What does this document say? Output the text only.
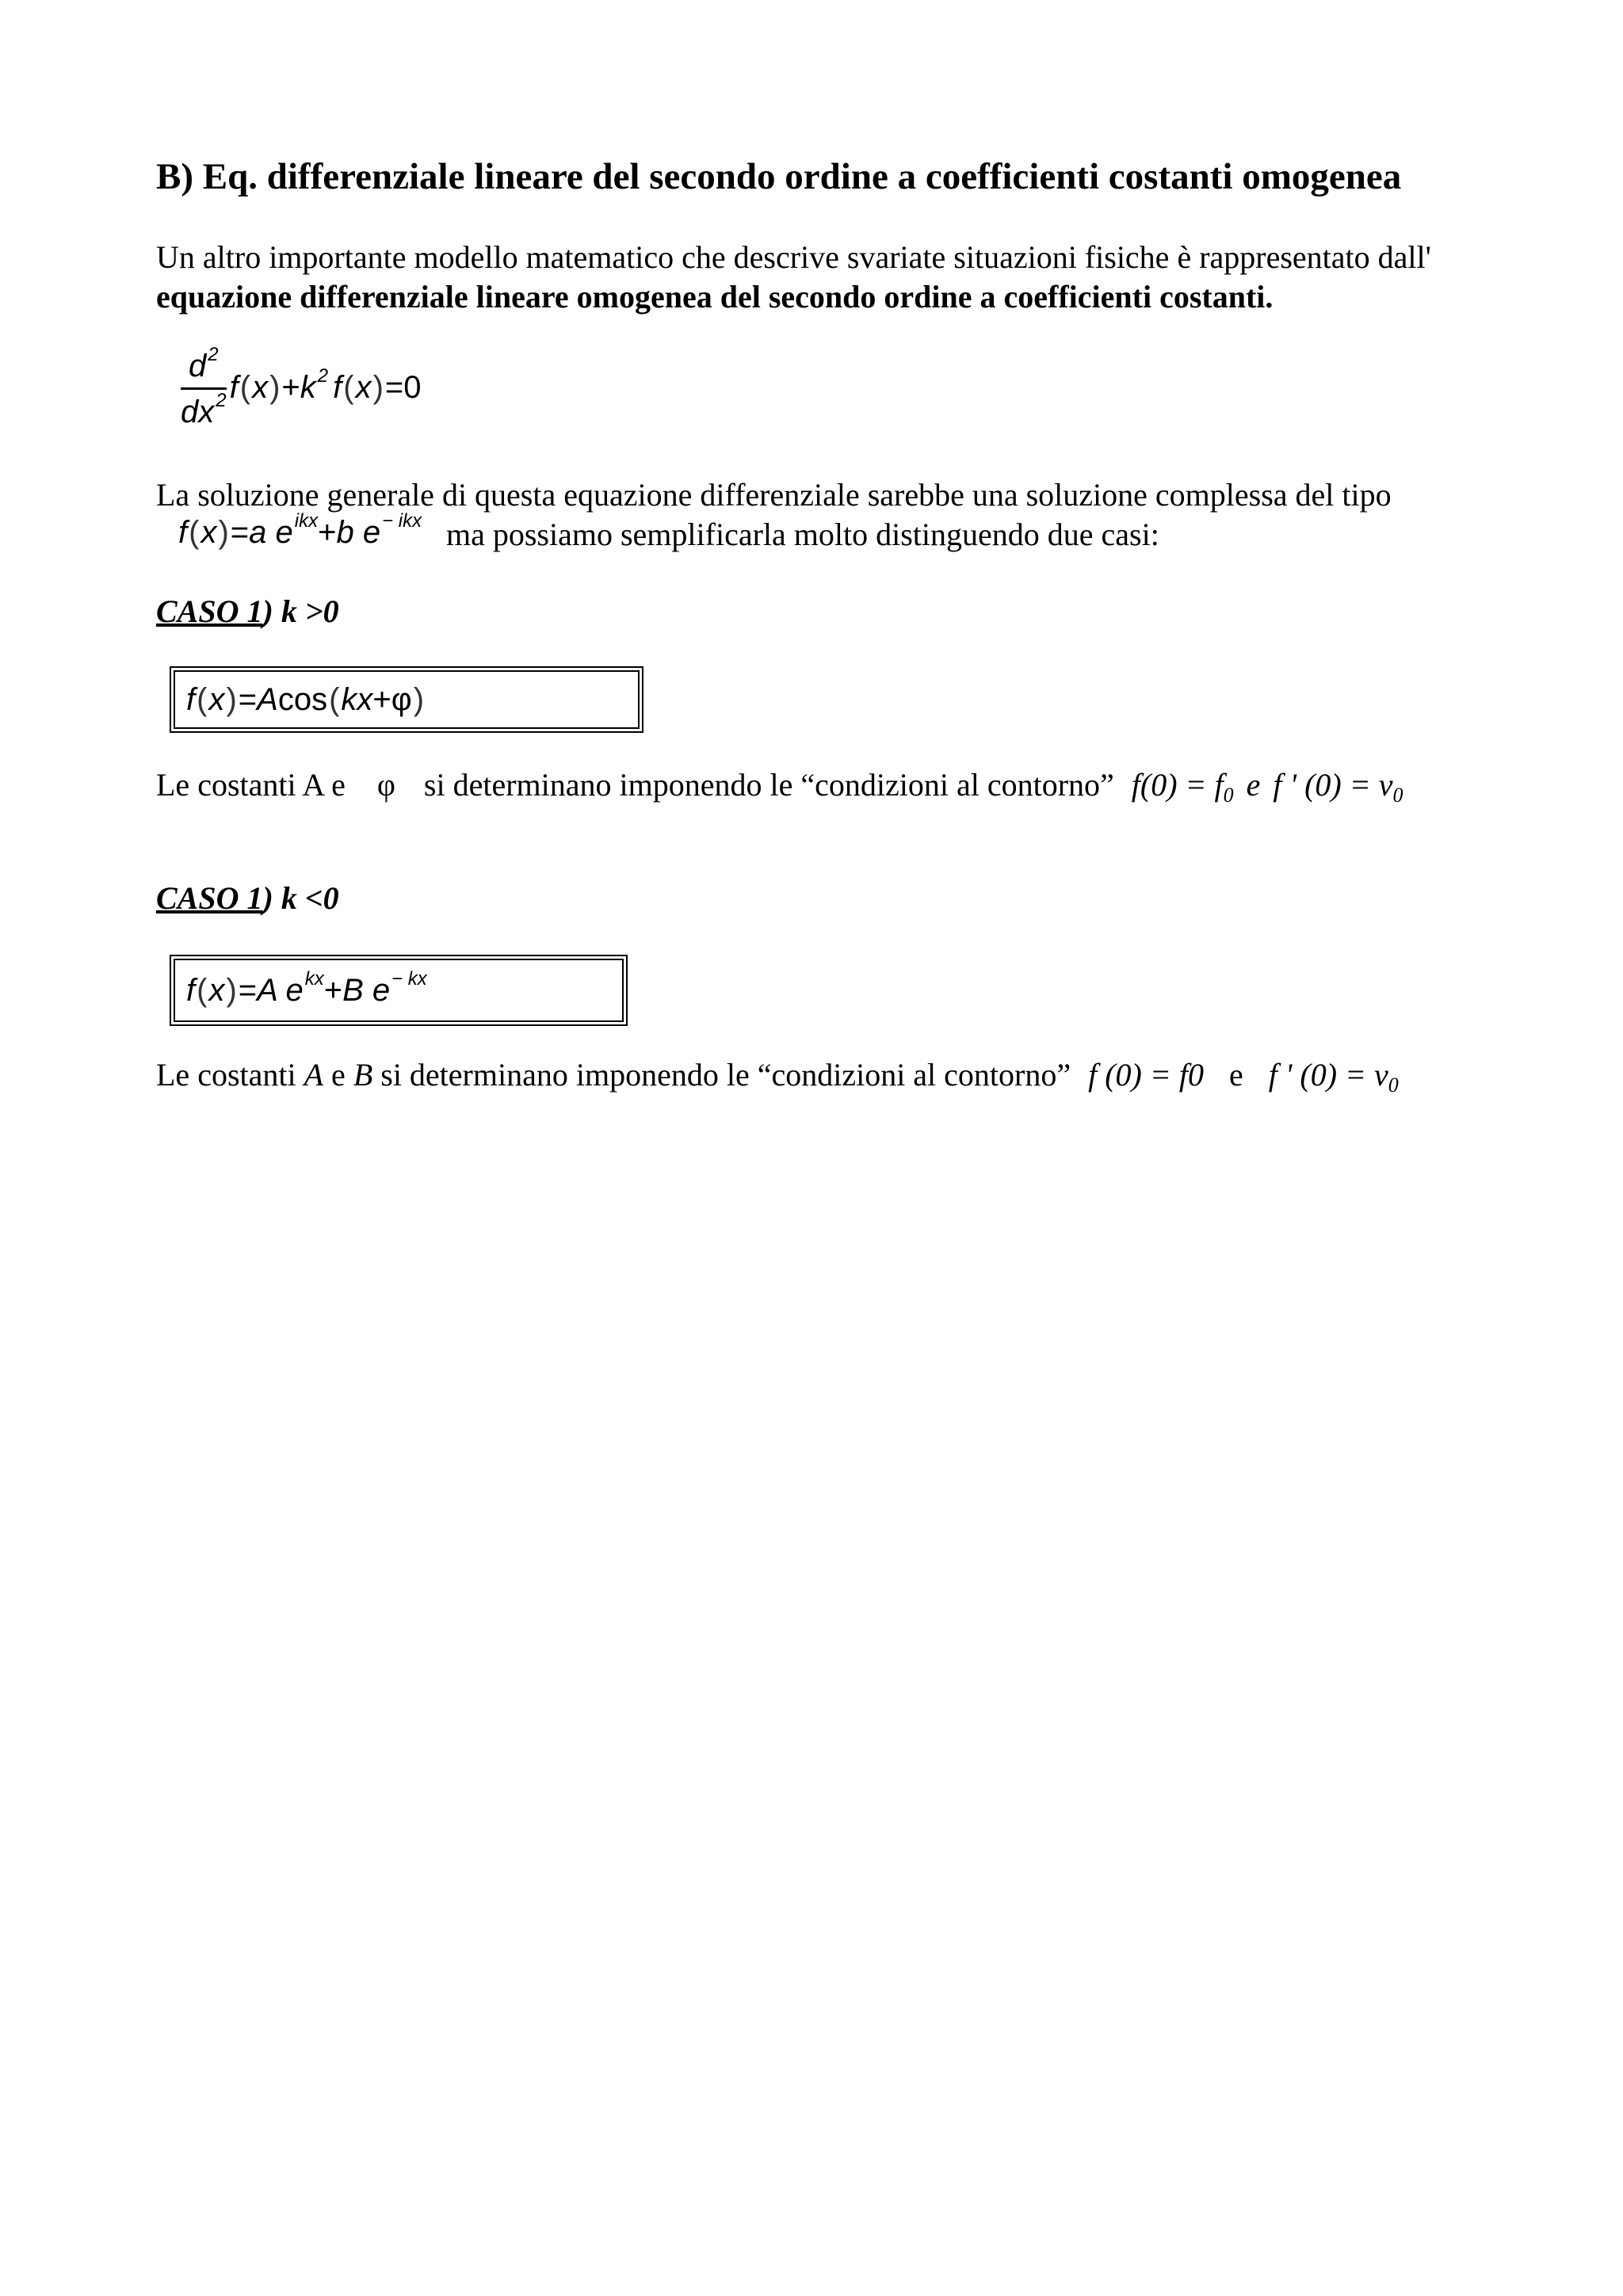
B) Eq. differenziale lineare del secondo ordine a coefficienti costanti omogenea
Un altro importante modello matematico che descrive svariate situazioni fisiche è rappresentato dall'
equazione differenziale lineare omogenea del secondo ordine a coefficienti costanti.
$\frac{d^2}{dx^2} f(x)+k^2$ f(x)=0
La soluzione generale di questa equazione differenziale sarebbe una soluzione complessa del tipo
f(x)=a $e^{ikx}+b$ $e^{- ikx}$ ma possiamo semplificarla molto distinguendo due casi:
CASO 1) k >0
f(x)=Acos(kx+φ)
Le costanti A e φ si determinano imponendo le “condizioni al contorno” $f(0) = f_0$ e f ' $(0) = v_0$
CASO 1) k <0
f(x)=A $e^{kx}+B$ $e^{- kx}$
Le costanti A e B si determinano imponendo le “condizioni al contorno” f (0) = f0 e f ' $(0) = v_0$
